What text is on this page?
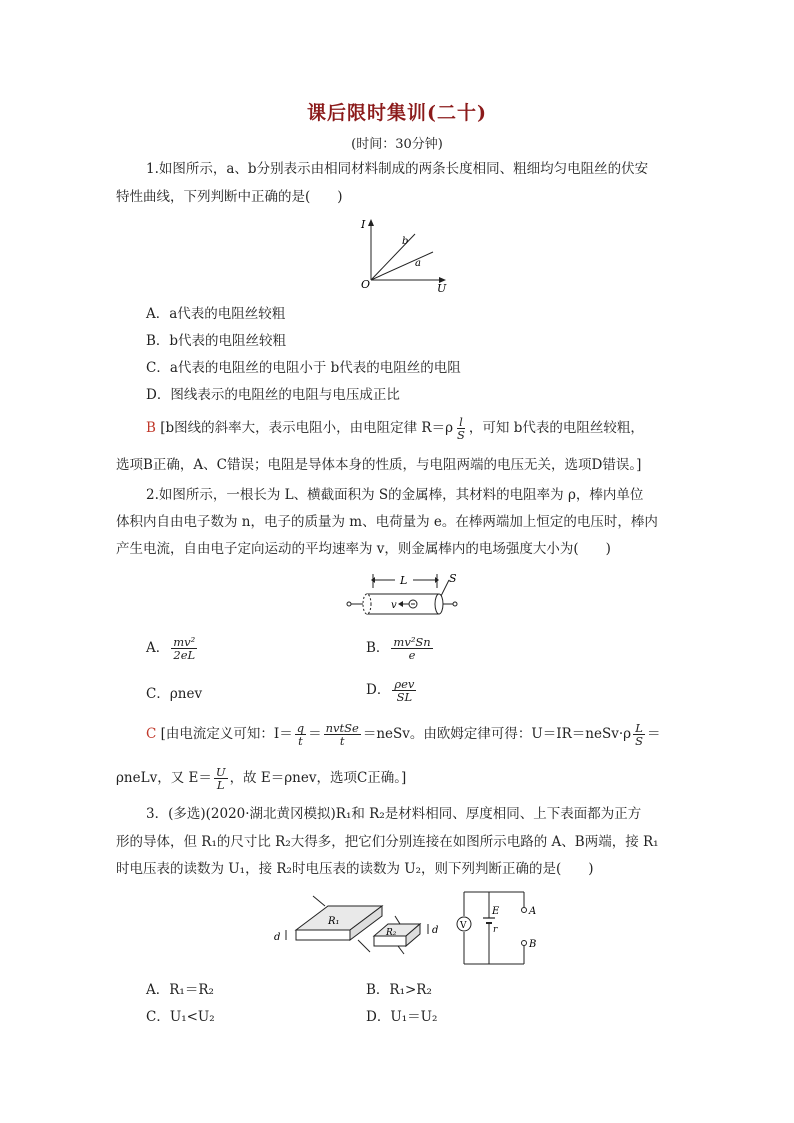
课后限时集训(二十)
(时间：30分钟)
1.如图所示，a、b分别表示由相同材料制成的两条长度相同、粗细均匀电阻丝的伏安
特性曲线，下列判断中正确的是(　　)
I
U
O
b
a
A．a代表的电阻丝较粗
B．b代表的电阻丝较粗
C．a代表的电阻丝的电阻小于 b代表的电阻丝的电阻
D．图线表示的电阻丝的电阻与电压成正比
B [b图线的斜率大，表示电阻小，由电阻定律 $R=\rho \frac{l}{S}$ ，可知 b代表的电阻丝较粗，
选项B正确，A、C错误；电阻是导体本身的性质，与电阻两端的电压无关，选项D错误。]
2.如图所示，一根长为 L、横截面积为 S的金属棒，其材料的电阻率为 ρ，棒内单位
体积内自由电子数为 n，电子的质量为 m、电荷量为 e。在棒两端加上恒定的电压时，棒内
产生电流，自由电子定向运动的平均速率为 v，则金属棒内的电场强度大小为(　　)
L
v
S
A． $\frac{\text{mv²}}{2eL}$	B． $\frac{\text{mv²Sn}}{e}$
C．ρnev	D． $\frac{\text{ρev}}{SL}$
C [由电流定义可知：$I= \frac{q}{t} = \frac{\text{nvtSe}}{t}$ ＝neSv。由欧姆定律可得：U＝IR＝neSv·ρ $\frac{L}{S}$ ＝
ρneLv，又 $E= \frac{U}{L}$ ，故 E＝ρnev，选项C正确。]
3．(多选)(2020·湖北黄冈模拟)R₁和 R₂是材料相同、厚度相同、上下表面都为正方
形的导体，但 R₁的尺寸比 R₂大得多，把它们分别连接在如图所示电路的 A、B两端，接 R₁
时电压表的读数为 U₁，接 R₂时电压表的读数为 U₂，则下列判断正确的是(　　)
R₁
d	R₂	d V
E
r
A
B
A．R₁＝R₂	B．R₁>R₂
C．U₁<U₂	D．U₁＝U₂
